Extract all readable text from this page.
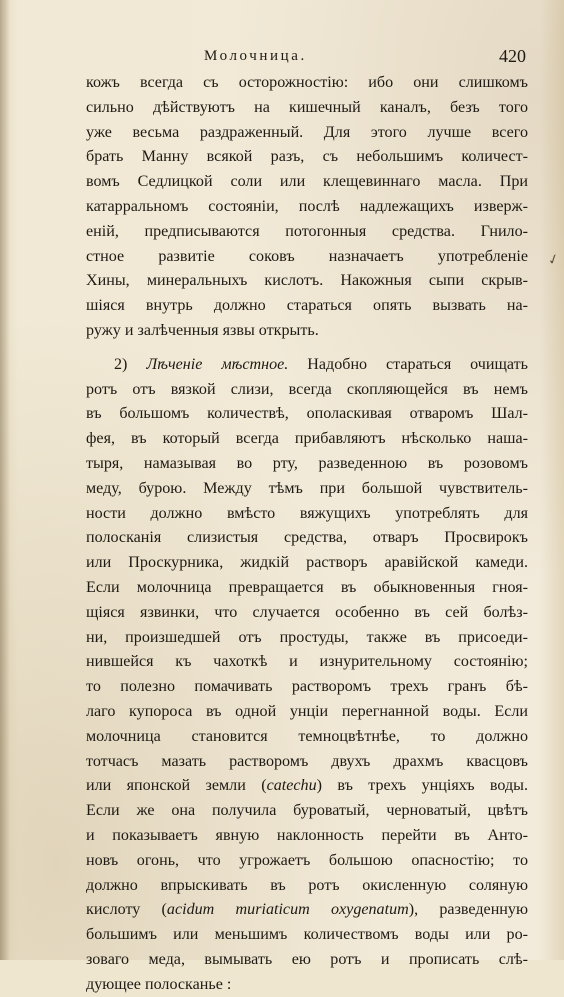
Молочница.	420
✓
кожъ всегда съ осторожностію: ибо они слишкомъ
сильно дѣйствуютъ на кишечный каналъ, безъ того
уже весьма раздраженный. Для этого лучше всего
брать Манну всякой разъ, съ небольшимъ количест-
вомъ Седлицкой соли или клещевиннаго масла. При
катарральномъ состояніи, послѣ надлежащихъ изверж-
еній, предписываются потогонныя средства. Гнило-
стное развитіе соковъ назначаетъ употребленіе
Хины, минеральныхъ кислотъ. Накожныя сыпи скрыв-
шіяся внутрь должно стараться опять вызвать на-
ружу и залѣченныя язвы открыть.
2) Лѣченіе мѣстное. Надобно стараться очищать
ротъ отъ вязкой слизи, всегда скопляющейся въ немъ
въ большомъ количествѣ, ополаскивая отваромъ Шал-
фея, въ который всегда прибавляютъ нѣсколько наша-
тыря, намазывая во рту, разведенною въ розовомъ
меду, бурою. Между тѣмъ при большой чувствитель-
ности должно вмѣсто вяжущихъ употреблять для
полосканія слизистыя средства, отваръ Просвирокъ
или Проскурника, жидкій растворъ аравійской камеди.
Если молочница превращается въ обыкновенныя гноя-
щіяся язвинки, что случается особенно въ сей болѣз-
ни, произшедшей отъ простуды, также въ присоеди-
нившейся къ чахоткѣ и изнурительному состоянію;
то полезно помачивать растворомъ трехъ гранъ бѣ-
лаго купороса въ одной унціи перегнанной воды. Если
молочница становится темноцвѣтнѣе, то должно
тотчасъ мазать растворомъ двухъ драхмъ квасцовъ
или японской земли (catechu) въ трехъ унціяхъ воды.
Если же она получила буроватый, черноватый, цвѣтъ
и показываетъ явную наклонность перейти въ Анто-
новъ огонь, что угрожаетъ большою опасностію; то
должно впрыскивать въ ротъ окисленную соляную
кислоту (acidum muriaticum oxygenatum), разведенную
большимъ или меньшимъ количествомъ воды или ро-
зоваго меда, вымывать ею ротъ и прописать слѣ-
дующее полосканье :
